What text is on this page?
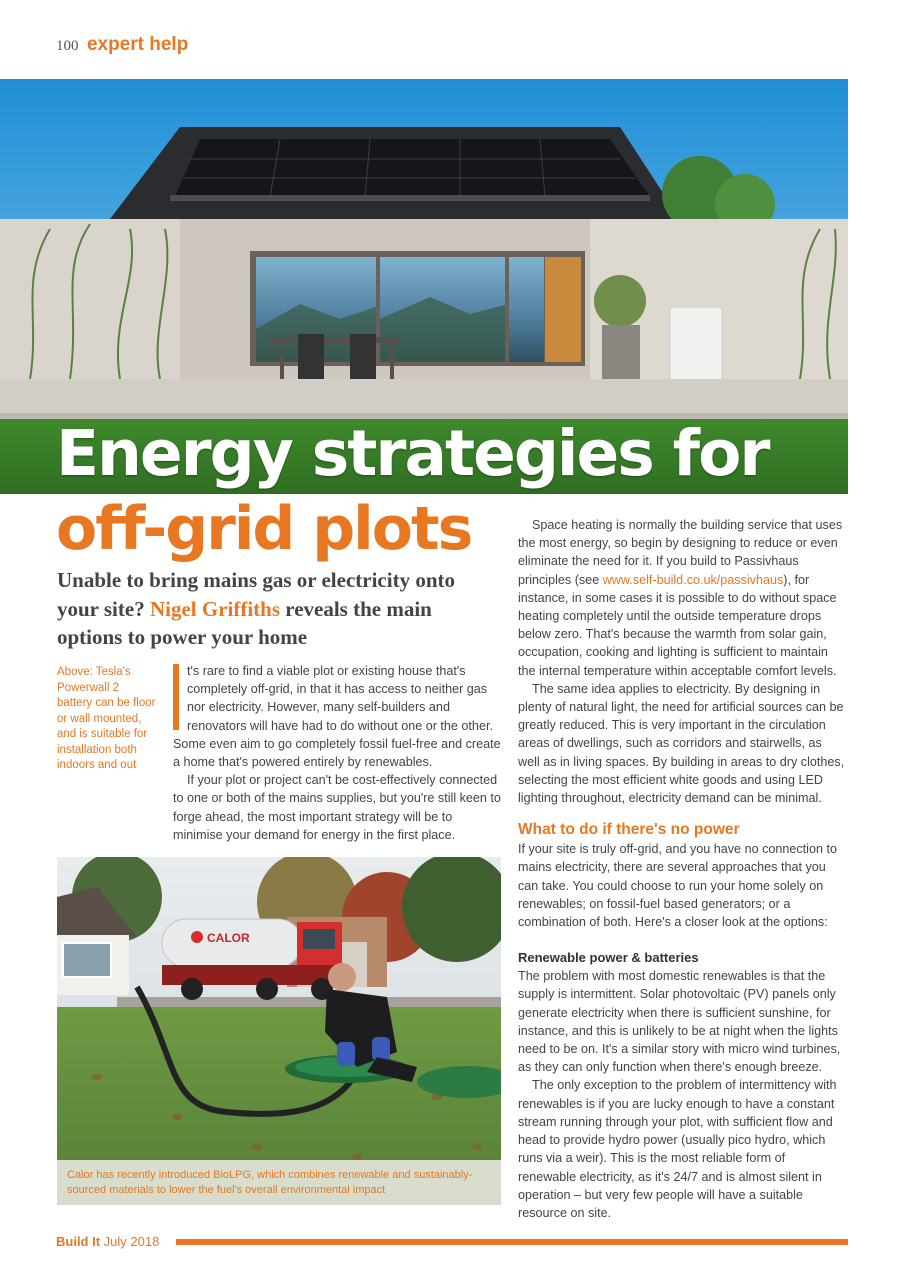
100 expert help
Energy strategies for
off-grid plots
Unable to bring mains gas or electricity onto your site? Nigel Griffiths reveals the main options to power your home
Above: Tesla's Powerwall 2 battery can be floor or wall mounted, and is suitable for installation both indoors and out

t's rare to find a viable plot or existing house that's completely off-grid, in that it has access to neither gas nor electricity. However, many self-builders and renovators will have had to do without one or the other. Some even aim to go completely fossil fuel-free and create a home that's powered entirely by renewables.

If your plot or project can't be cost-effectively connected to one or both of the mains supplies, but you're still keen to forge ahead, the most important strategy will be to minimise your demand for energy in the first place.

Space heating is normally the building service that uses the most energy, so begin by designing to reduce or even eliminate the need for it. If you build to Passivhaus principles (see www.self-build.co.uk/passivhaus), for instance, in some cases it is possible to do without space heating completely until the outside temperature drops below zero. That's because the warmth from solar gain, occupation, cooking and lighting is sufficient to maintain the internal temperature within acceptable comfort levels.

The same idea applies to electricity. By designing in plenty of natural light, the need for artificial sources can be greatly reduced. This is very important in the circulation areas of dwellings, such as corridors and stairwells, as well as in living spaces. By building in areas to dry clothes, selecting the most efficient white goods and using LED lighting throughout, electricity demand can be minimal.

What to do if there's no power

If your site is truly off-grid, and you have no connection to mains electricity, there are several approaches that you can take. You could choose to run your home solely on renewables; on fossil-fuel based generators; or a combination of both. Here's a closer look at the options:

Renewable power & batteries

The problem with most domestic renewables is that the supply is intermittent. Solar photovoltaic (PV) panels only generate electricity when there is sufficient sunshine, for instance, and this is unlikely to be at night when the lights need to be on. It's a similar story with micro wind turbines, as they can only function when there's enough breeze.

The only exception to the problem of intermittency with renewables is if you are lucky enough to have a constant stream running through your plot, with sufficient flow and head to provide hydro power (usually pico hydro, which runs via a weir). This is the most reliable form of renewable electricity, as it's 24/7 and is almost silent in operation – but very few people will have a suitable resource on site.

CALOR
Calor has recently introduced BioLPG, which combines renewable and sustainably-sourced materials to lower the fuel's overall environmental impact
Build It July 2018
